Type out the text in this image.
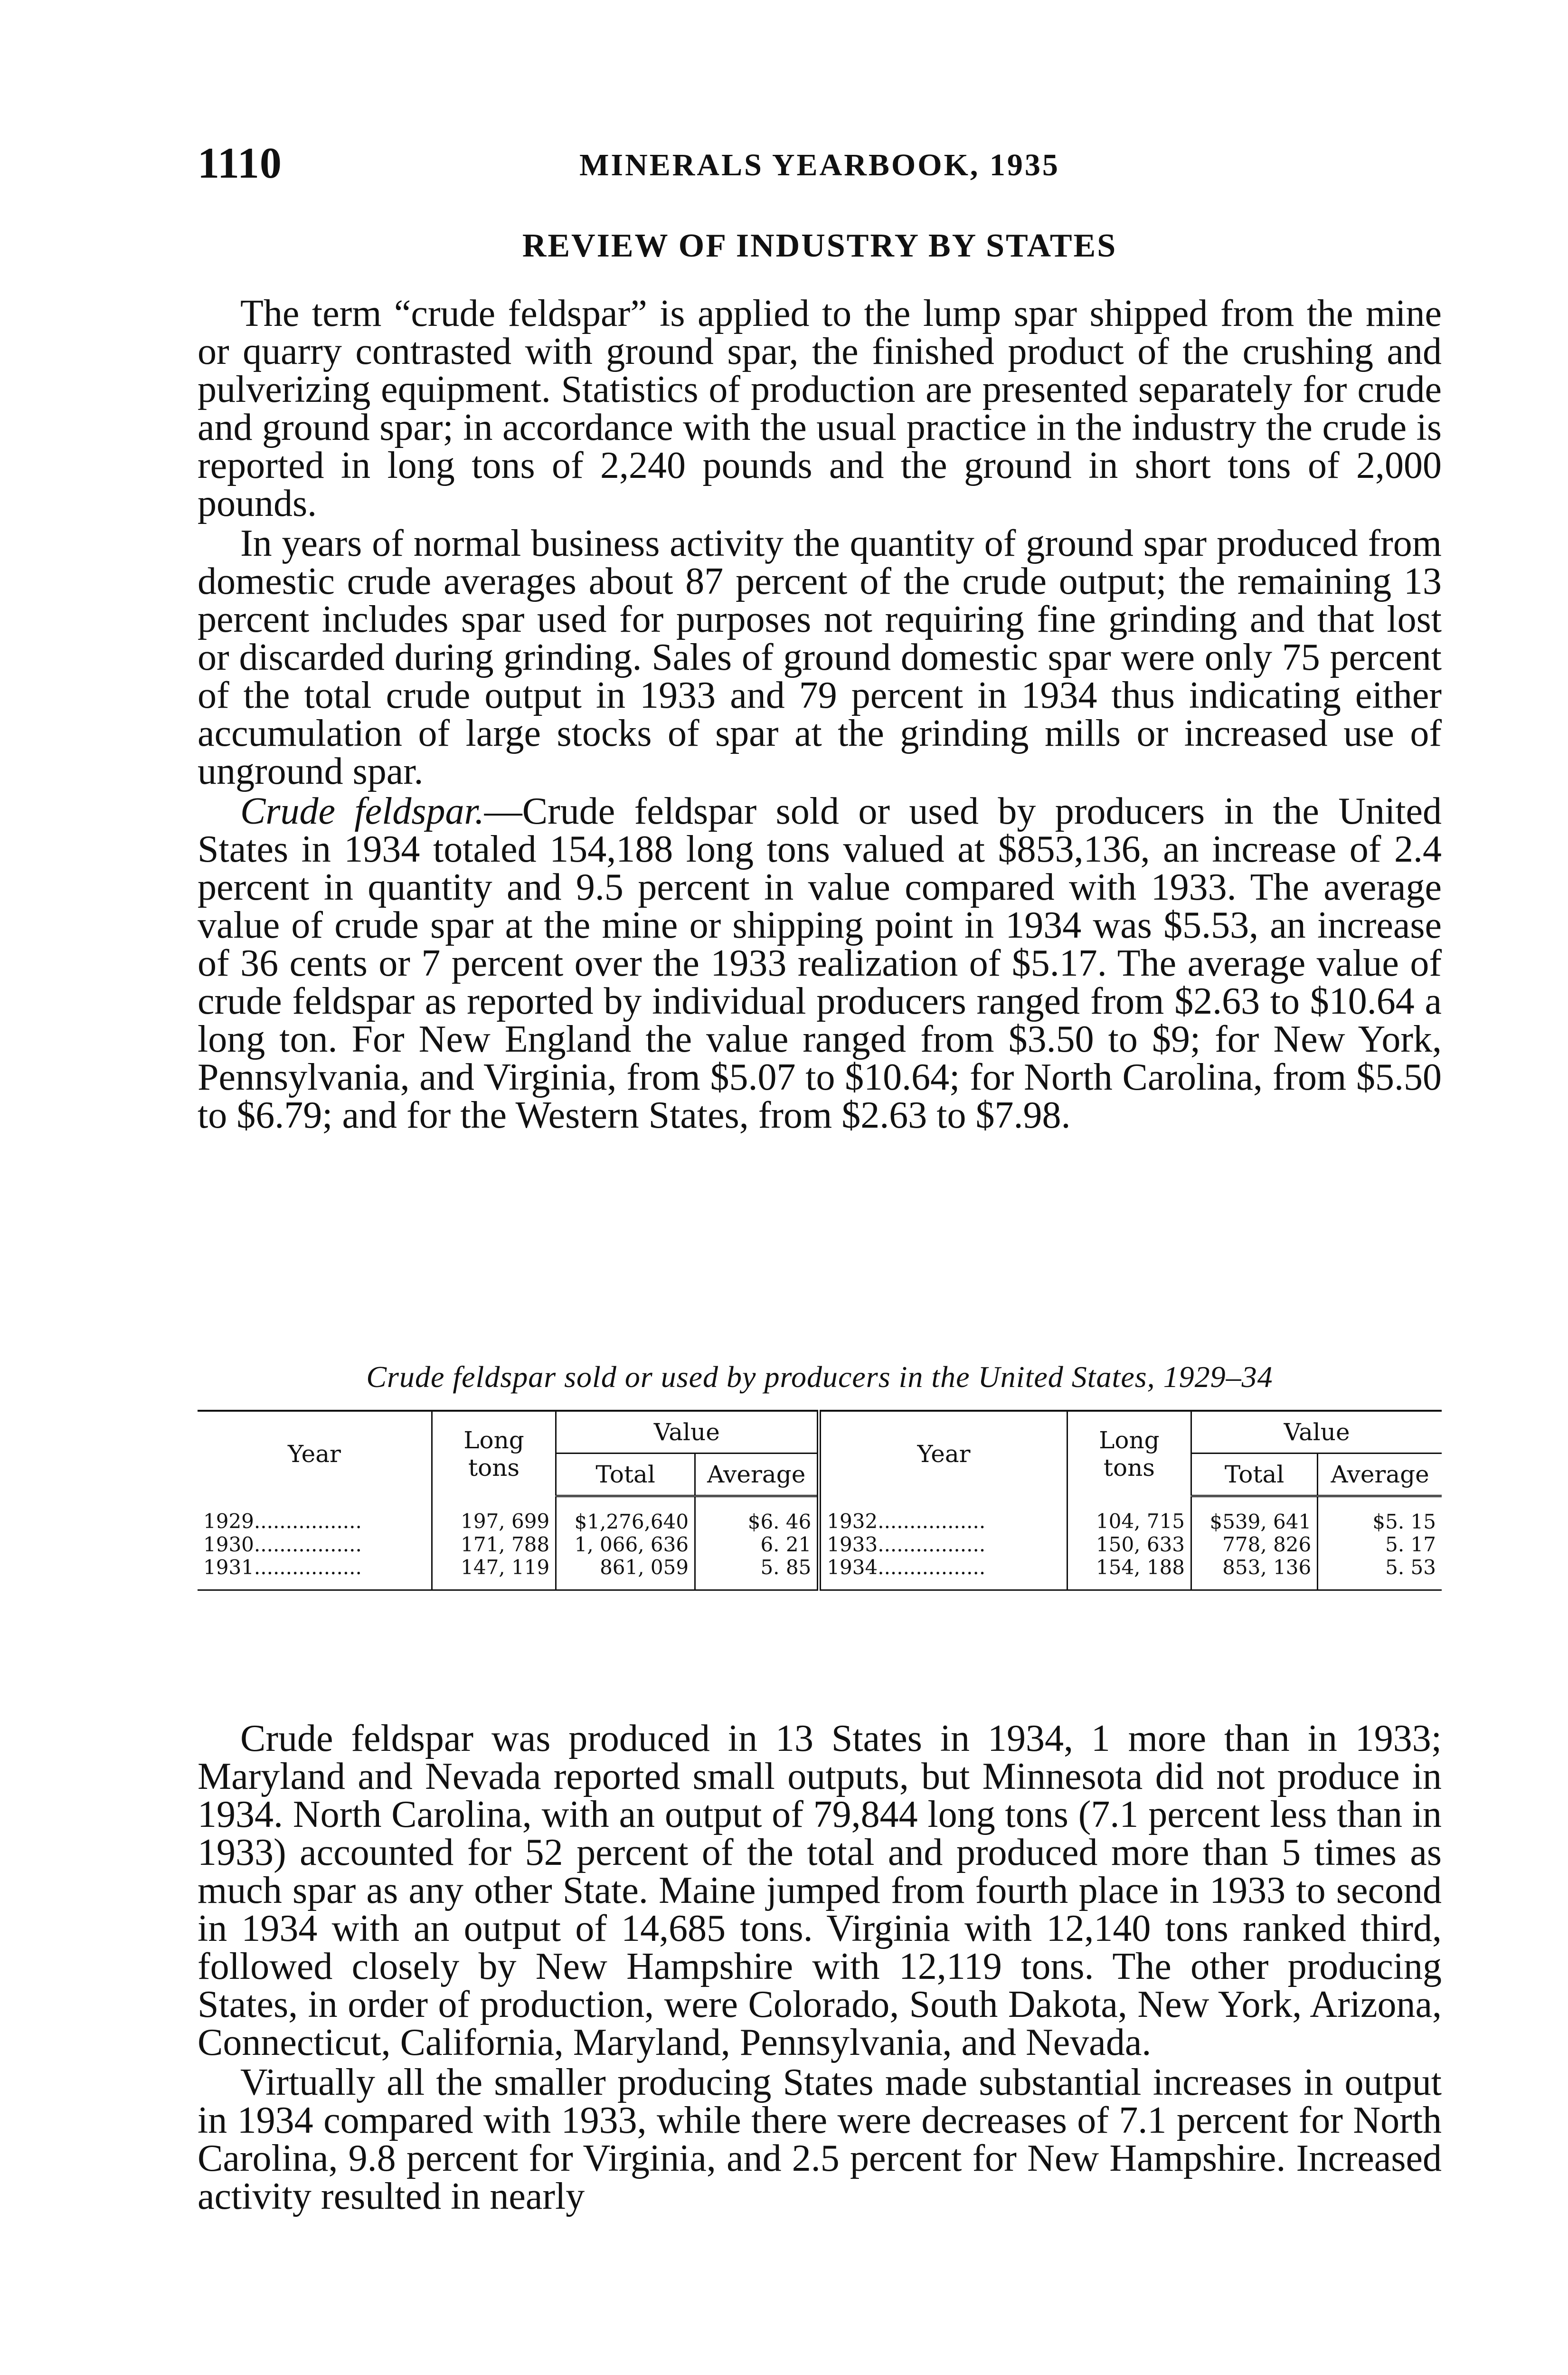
1110	MINERALS YEARBOOK, 1935
REVIEW OF INDUSTRY BY STATES

The term “crude feldspar” is applied to the lump spar shipped from the mine or quarry contrasted with ground spar, the finished product of the crushing and pulverizing equipment. Statistics of production are presented separately for crude and ground spar; in accordance with the usual practice in the industry the crude is reported in long tons of 2,240 pounds and the ground in short tons of 2,000 pounds.

In years of normal business activity the quantity of ground spar produced from domestic crude averages about 87 percent of the crude output; the remaining 13 percent includes spar used for purposes not requiring fine grinding and that lost or discarded during grinding. Sales of ground domestic spar were only 75 percent of the total crude output in 1933 and 79 percent in 1934 thus indicating either accumulation of large stocks of spar at the grinding mills or increased use of unground spar.

Crude feldspar.—Crude feldspar sold or used by producers in the United States in 1934 totaled 154,188 long tons valued at $853,136, an increase of 2.4 percent in quantity and 9.5 percent in value compared with 1933. The average value of crude spar at the mine or shipping point in 1934 was $5.53, an increase of 36 cents or 7 percent over the 1933 realization of $5.17. The average value of crude feldspar as reported by individual producers ranged from $2.63 to $10.64 a long ton. For New England the value ranged from $3.50 to $9; for New York, Pennsylvania, and Virginia, from $5.07 to $10.64; for North Carolina, from $5.50 to $6.79; and for the Western States, from $2.63 to $7.98.

Crude feldspar sold or used by producers in the United States, 1929–34
Year	Long tons	Value		Year	Long tons	Value	
		Total	Average			Total	Average
1929.................	197, 699	$1,276,640	$6. 46	1932.................	104, 715	$539, 641	$5. 15
1930.................	171, 788	1, 066, 636	6. 21	1933.................	150, 633	778, 826	5. 17
1931.................	147, 119	861, 059	5. 85	1934.................	154, 188	853, 136	5. 53

Crude feldspar was produced in 13 States in 1934, 1 more than in 1933; Maryland and Nevada reported small outputs, but Minnesota did not produce in 1934. North Carolina, with an output of 79,844 long tons (7.1 percent less than in 1933) accounted for 52 percent of the total and produced more than 5 times as much spar as any other State. Maine jumped from fourth place in 1933 to second in 1934 with an output of 14,685 tons. Virginia with 12,140 tons ranked third, followed closely by New Hampshire with 12,119 tons. The other producing States, in order of production, were Colorado, South Dakota, New York, Arizona, Connecticut, California, Maryland, Pennsylvania, and Nevada.

Virtually all the smaller producing States made substantial increases in output in 1934 compared with 1933, while there were decreases of 7.1 percent for North Carolina, 9.8 percent for Virginia, and 2.5 percent for New Hampshire. Increased activity resulted in nearly
